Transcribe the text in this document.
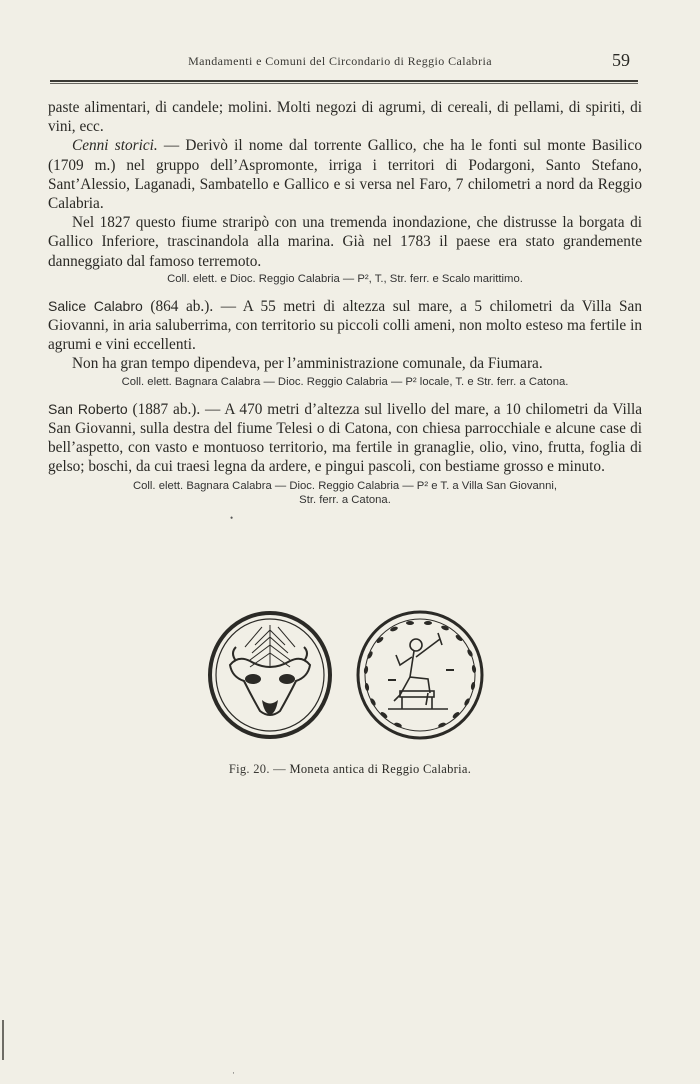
Mandamenti e Comuni del Circondario di Reggio Calabria	59

paste alimentari, di candele; molini. Molti negozi di agrumi, di cereali, di pellami, di spiriti, di vini, ecc.

Cenni storici. — Derivò il nome dal torrente Gallico, che ha le fonti sul monte Basilico (1709 m.) nel gruppo dell’Aspromonte, irriga i territori di Podargoni, Santo Stefano, Sant’Alessio, Laganadi, Sambatello e Gallico e si versa nel Faro, 7 chilometri a nord da Reggio Calabria.

Nel 1827 questo fiume straripò con una tremenda inondazione, che distrusse la borgata di Gallico Inferiore, trascinandola alla marina. Già nel 1783 il paese era stato grandemente danneggiato dal famoso terremoto.

Coll. elett. e Dioc. Reggio Calabria — P², T., Str. ferr. e Scalo marittimo.

Salice Calabro (864 ab.). — A 55 metri di altezza sul mare, a 5 chilometri da Villa San Giovanni, in aria saluberrima, con territorio su piccoli colli ameni, non molto esteso ma fertile in agrumi e vini eccellenti.

Non ha gran tempo dipendeva, per l’amministrazione comunale, da Fiumara.

Coll. elett. Bagnara Calabra — Dioc. Reggio Calabria — P² locale, T. e Str. ferr. a Catona.

San Roberto (1887 ab.). — A 470 metri d’altezza sul livello del mare, a 10 chilometri da Villa San Giovanni, sulla destra del fiume Telesi o di Catona, con chiesa parrocchiale e alcune case di bell’aspetto, con vasto e montuoso territorio, ma fertile in granaglie, olio, vino, frutta, foglia di gelso; boschi, da cui traesi legna da ardere, e pingui pascoli, con bestiame grosso e minuto.

Coll. elett. Bagnara Calabra — Dioc. Reggio Calabria — P² e T. a Villa San Giovanni,

Str. ferr. a Catona.

•
Fig. 20. — Moneta antica di Reggio Calabria.
·
